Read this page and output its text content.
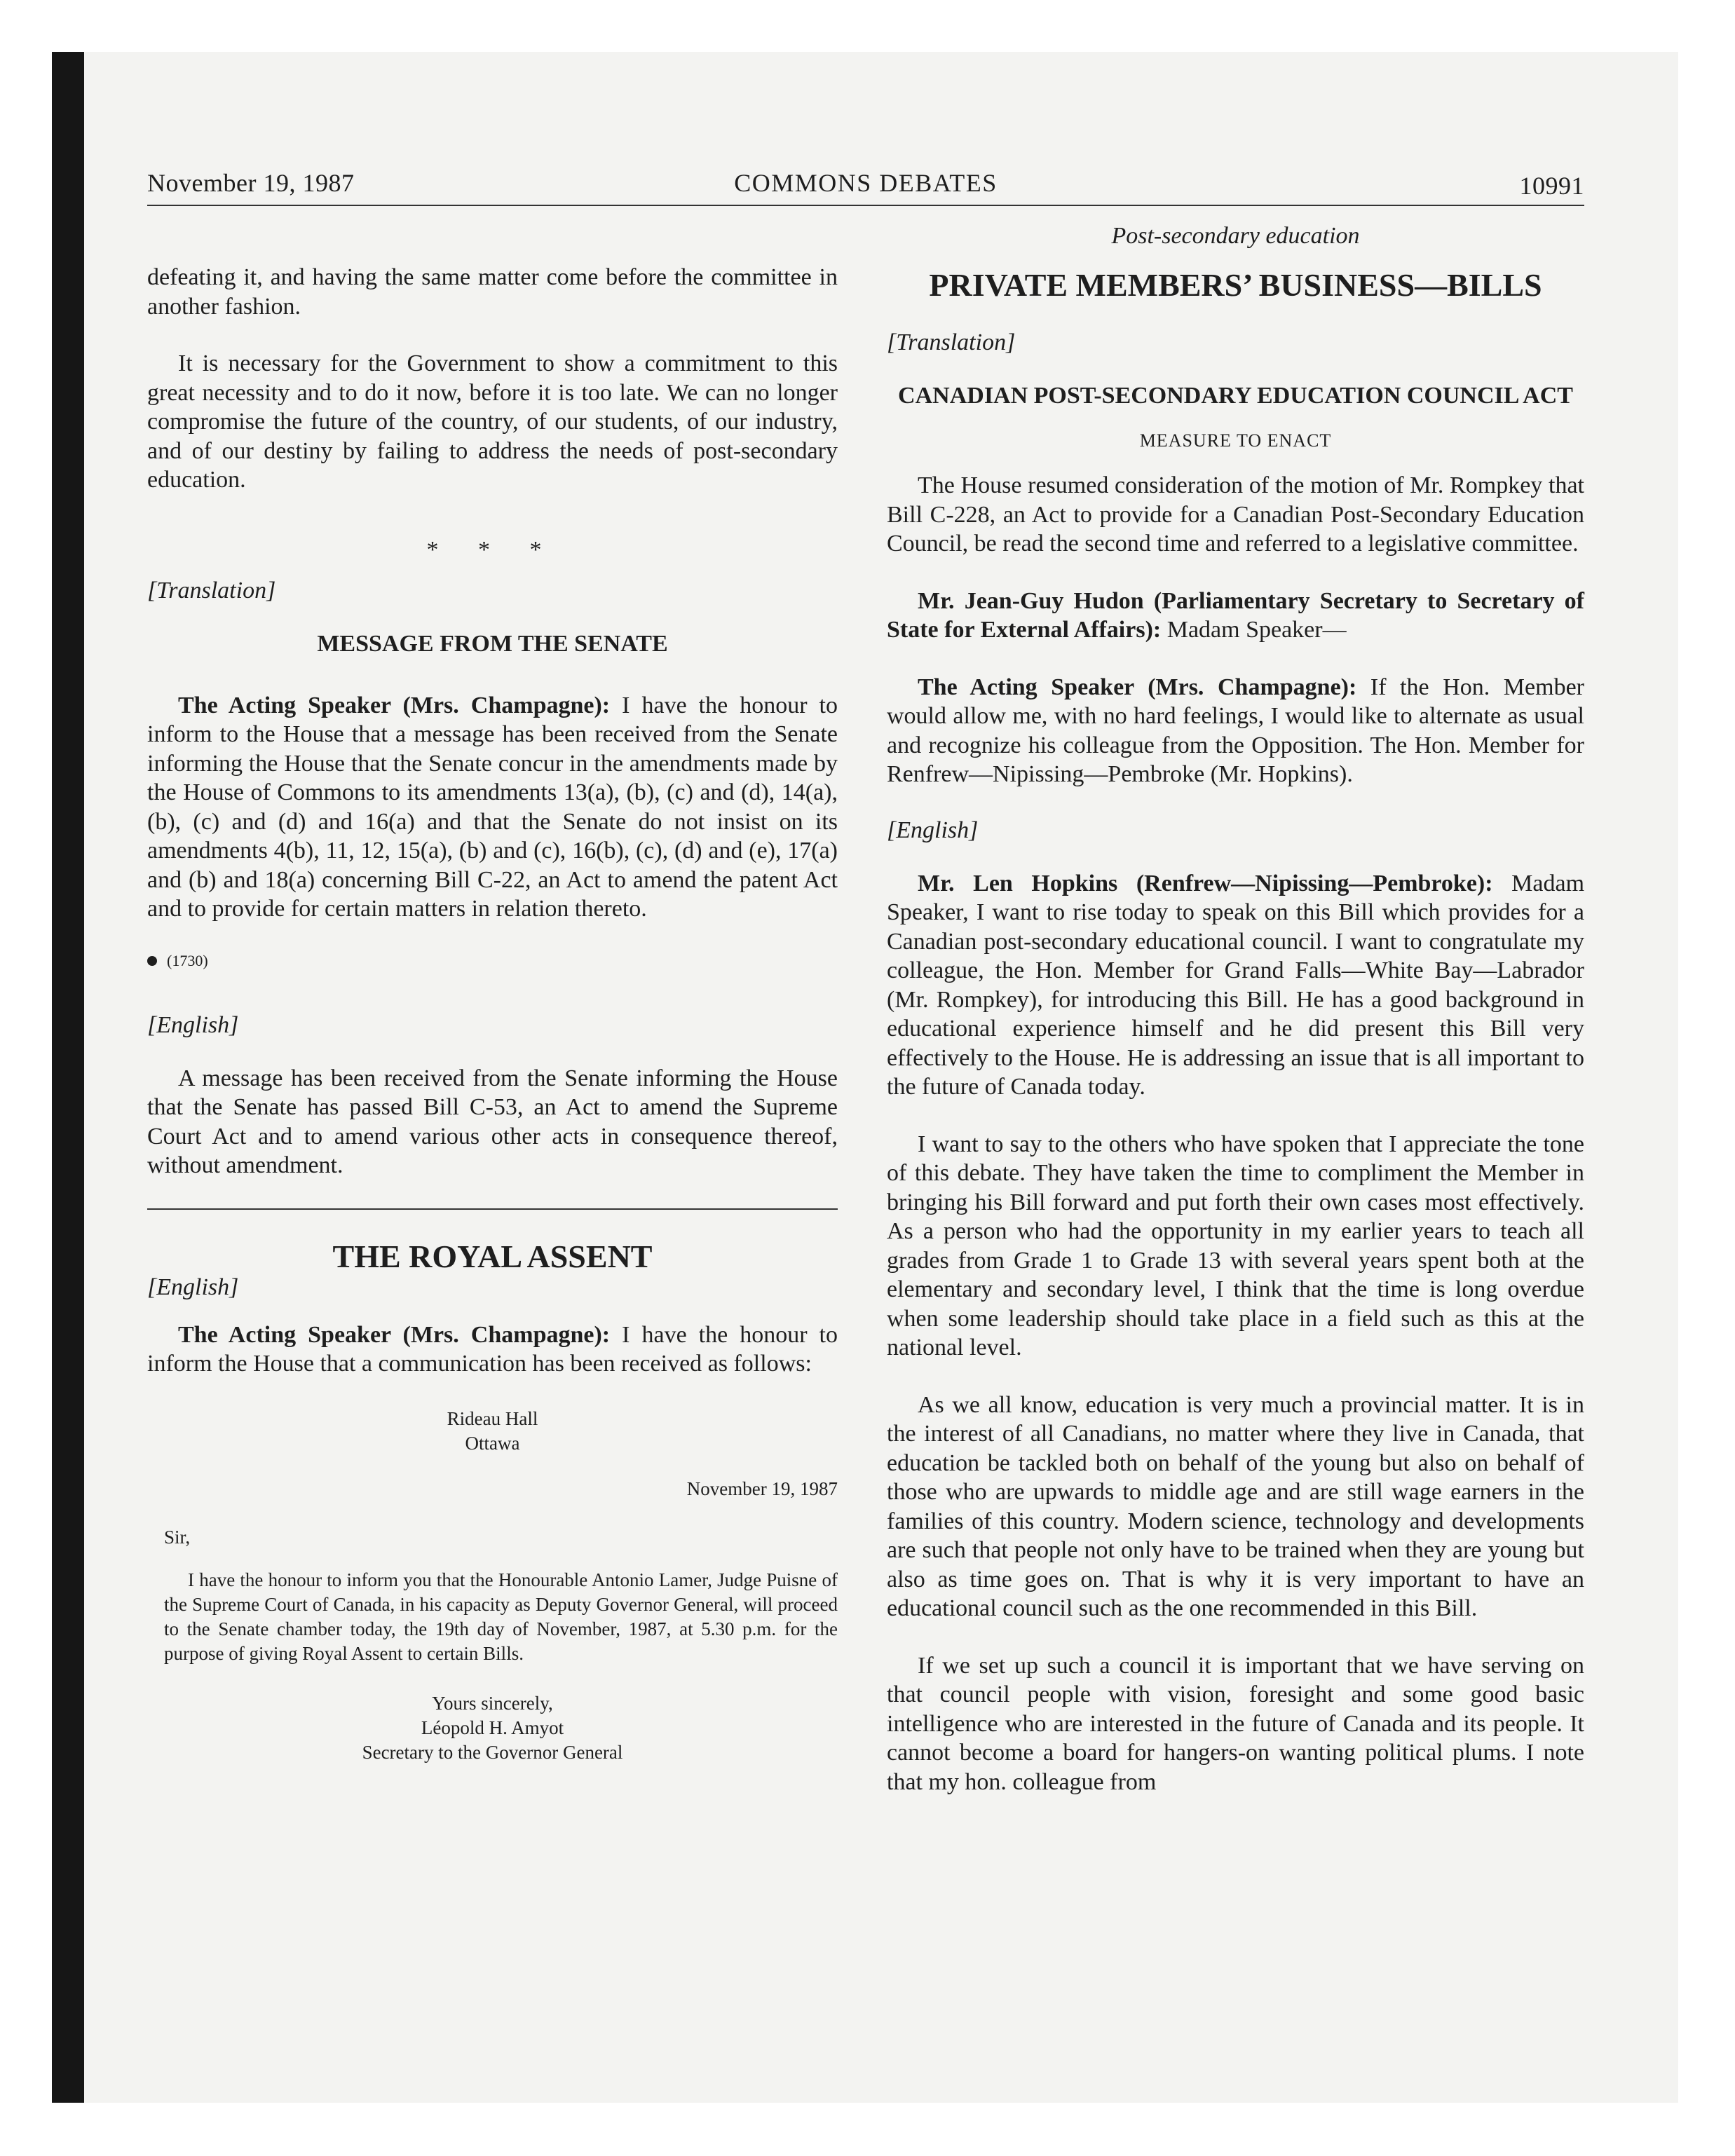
November 19, 1987	COMMONS DEBATES	10991

defeating it, and having the same matter come before the committee in another fashion.

It is necessary for the Government to show a commitment to this great necessity and to do it now, before it is too late. We can no longer compromise the future of the country, of our students, of our industry, and of our destiny by failing to address the needs of post-secondary education.

* * *
[Translation]
MESSAGE FROM THE SENATE

The Acting Speaker (Mrs. Champagne): I have the honour to inform to the House that a message has been received from the Senate informing the House that the Senate concur in the amendments made by the House of Commons to its amendments 13(a), (b), (c) and (d), 14(a), (b), (c) and (d) and 16(a) and that the Senate do not insist on its amendments 4(b), 11, 12, 15(a), (b) and (c), 16(b), (c), (d) and (e), 17(a) and (b) and 18(a) concerning Bill C-22, an Act to amend the patent Act and to provide for certain matters in relation thereto.

(1730)
[English]

A message has been received from the Senate informing the House that the Senate has passed Bill C-53, an Act to amend the Supreme Court Act and to amend various other acts in consequence thereof, without amendment.

THE ROYAL ASSENT
[English]

The Acting Speaker (Mrs. Champagne): I have the honour to inform the House that a communication has been received as follows:

Rideau Hall
Ottawa
November 19, 1987
Sir,
I have the honour to inform you that the Honourable Antonio Lamer, Judge Puisne of the Supreme Court of Canada, in his capacity as Deputy Governor General, will proceed to the Senate chamber today, the 19th day of November, 1987, at 5.30 p.m. for the purpose of giving Royal Assent to certain Bills.
Yours sincerely,
Léopold H. Amyot
Secretary to the Governor General
Post-secondary education
PRIVATE MEMBERS’ BUSINESS—BILLS
[Translation]
CANADIAN POST-SECONDARY EDUCATION COUNCIL ACT
MEASURE TO ENACT

The House resumed consideration of the motion of Mr. Rompkey that Bill C-228, an Act to provide for a Canadian Post-Secondary Education Council, be read the second time and referred to a legislative committee.

Mr. Jean-Guy Hudon (Parliamentary Secretary to Secretary of State for External Affairs): Madam Speaker—

The Acting Speaker (Mrs. Champagne): If the Hon. Member would allow me, with no hard feelings, I would like to alternate as usual and recognize his colleague from the Opposition. The Hon. Member for Renfrew—Nipissing—Pembroke (Mr. Hopkins).

[English]

Mr. Len Hopkins (Renfrew—Nipissing—Pembroke): Madam Speaker, I want to rise today to speak on this Bill which provides for a Canadian post-secondary educational council. I want to congratulate my colleague, the Hon. Member for Grand Falls—White Bay—Labrador (Mr. Rompkey), for introducing this Bill. He has a good background in educational experience himself and he did present this Bill very effectively to the House. He is addressing an issue that is all important to the future of Canada today.

I want to say to the others who have spoken that I appreciate the tone of this debate. They have taken the time to compliment the Member in bringing his Bill forward and put forth their own cases most effectively. As a person who had the opportunity in my earlier years to teach all grades from Grade 1 to Grade 13 with several years spent both at the elementary and secondary level, I think that the time is long overdue when some leadership should take place in a field such as this at the national level.

As we all know, education is very much a provincial matter. It is in the interest of all Canadians, no matter where they live in Canada, that education be tackled both on behalf of the young but also on behalf of those who are upwards to middle age and are still wage earners in the families of this country. Modern science, technology and developments are such that people not only have to be trained when they are young but also as time goes on. That is why it is very important to have an educational council such as the one recommended in this Bill.

If we set up such a council it is important that we have serving on that council people with vision, foresight and some good basic intelligence who are interested in the future of Canada and its people. It cannot become a board for hangers-on wanting political plums. I note that my hon. colleague from
